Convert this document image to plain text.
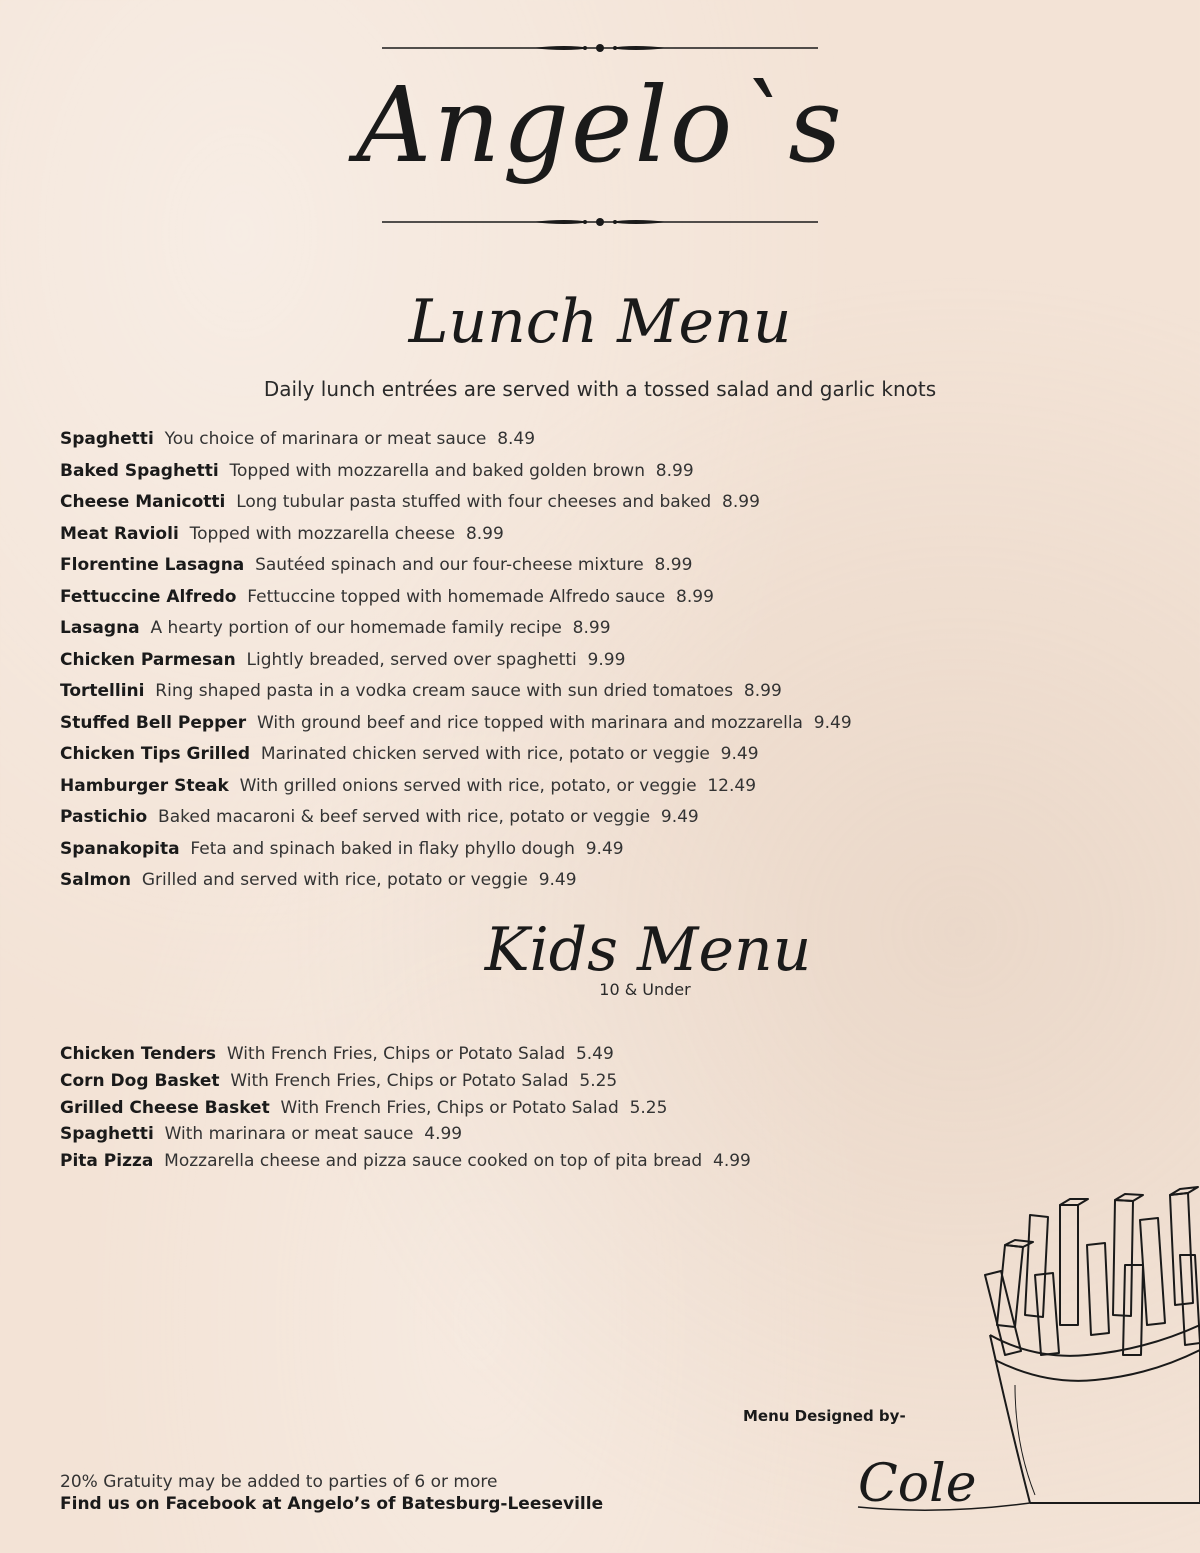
Angelo`s
Lunch Menu
Daily lunch entrées are served with a tossed salad and garlic knots
Spaghetti You choice of marinara or meat sauce 8.49
Baked Spaghetti Topped with mozzarella and baked golden brown 8.99
Cheese Manicotti Long tubular pasta stuffed with four cheeses and baked 8.99
Meat Ravioli Topped with mozzarella cheese 8.99
Florentine Lasagna Sautéed spinach and our four-cheese mixture 8.99
Fettuccine Alfredo Fettuccine topped with homemade Alfredo sauce 8.99
Lasagna A hearty portion of our homemade family recipe 8.99
Chicken Parmesan Lightly breaded, served over spaghetti 9.99
Tortellini Ring shaped pasta in a vodka cream sauce with sun dried tomatoes 8.99
Stuffed Bell Pepper With ground beef and rice topped with marinara and mozzarella 9.49
Chicken Tips Grilled Marinated chicken served with rice, potato or veggie 9.49
Hamburger Steak With grilled onions served with rice, potato, or veggie 12.49
Pastichio Baked macaroni & beef served with rice, potato or veggie 9.49
Spanakopita Feta and spinach baked in flaky phyllo dough 9.49
Salmon Grilled and served with rice, potato or veggie 9.49
Kids Menu
10 & Under
Chicken Tenders With French Fries, Chips or Potato Salad 5.49
Corn Dog Basket With French Fries, Chips or Potato Salad 5.25
Grilled Cheese Basket With French Fries, Chips or Potato Salad 5.25
Spaghetti With marinara or meat sauce 4.99
Pita Pizza Mozzarella cheese and pizza sauce cooked on top of pita bread 4.99
Menu Designed by-
Cole
20% Gratuity may be added to parties of 6 or more
Find us on Facebook at Angelo’s of Batesburg-Leeseville
